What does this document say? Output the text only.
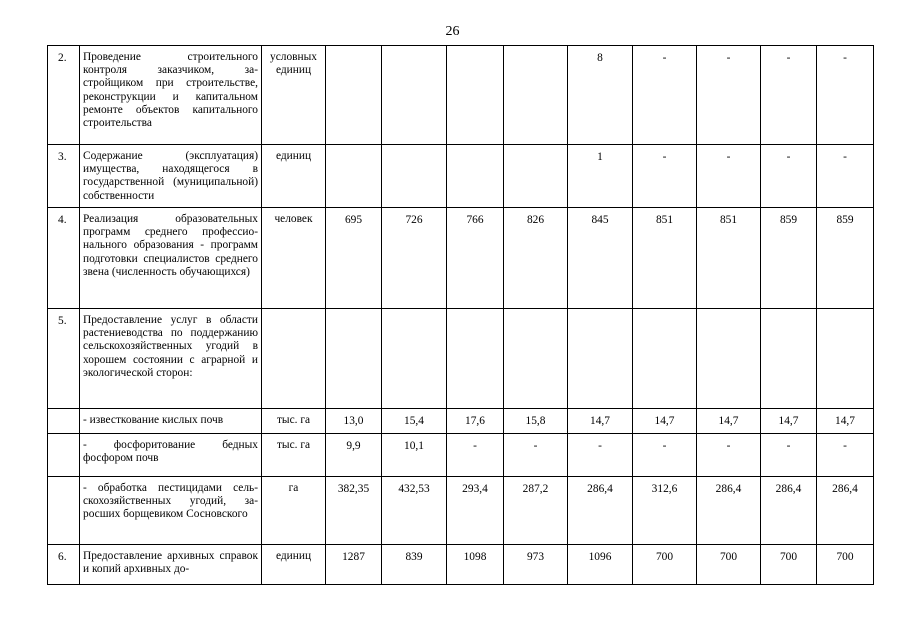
26
2.	Проведение строительного контроля заказчиком, застройщиком при строительстве, реконструкции и капитальном ремонте объектов капитального строительства	условных единиц					8	-	-	-	-
3.	Содержание (эксплуатация) имущества, находящегося в государственной (муниципальной) собственности	единиц					1	-	-	-	-
4.	Реализация образовательных программ среднего профессионального образования - программ подготовки специалистов среднего звена (численность обучающихся)	человек	695	726	766	826	845	851	851	859	859
5.	Предоставление услуг в области растениеводства по поддержанию сельскохозяйственных угодий в хорошем состоянии с аграрной и экологической сторон:										

	- известкование кислых почв	тыс. га	13,0	15,4	17,6	15,8	14,7	14,7	14,7	14,7	14,7

	- фосфоритование бедных фосфором почв	тыс. га	9,9	10,1	-	-	-	-	-	-	-

	- обработка пестицидами сельскохозяйственных угодий, заросших борщевиком Сосновского	га	382,35	432,53	293,4	287,2	286,4	312,6	286,4	286,4	286,4
6.	Предоставление архивных справок и копий архивных до-	единиц	1287	839	1098	973	1096	700	700	700	700
